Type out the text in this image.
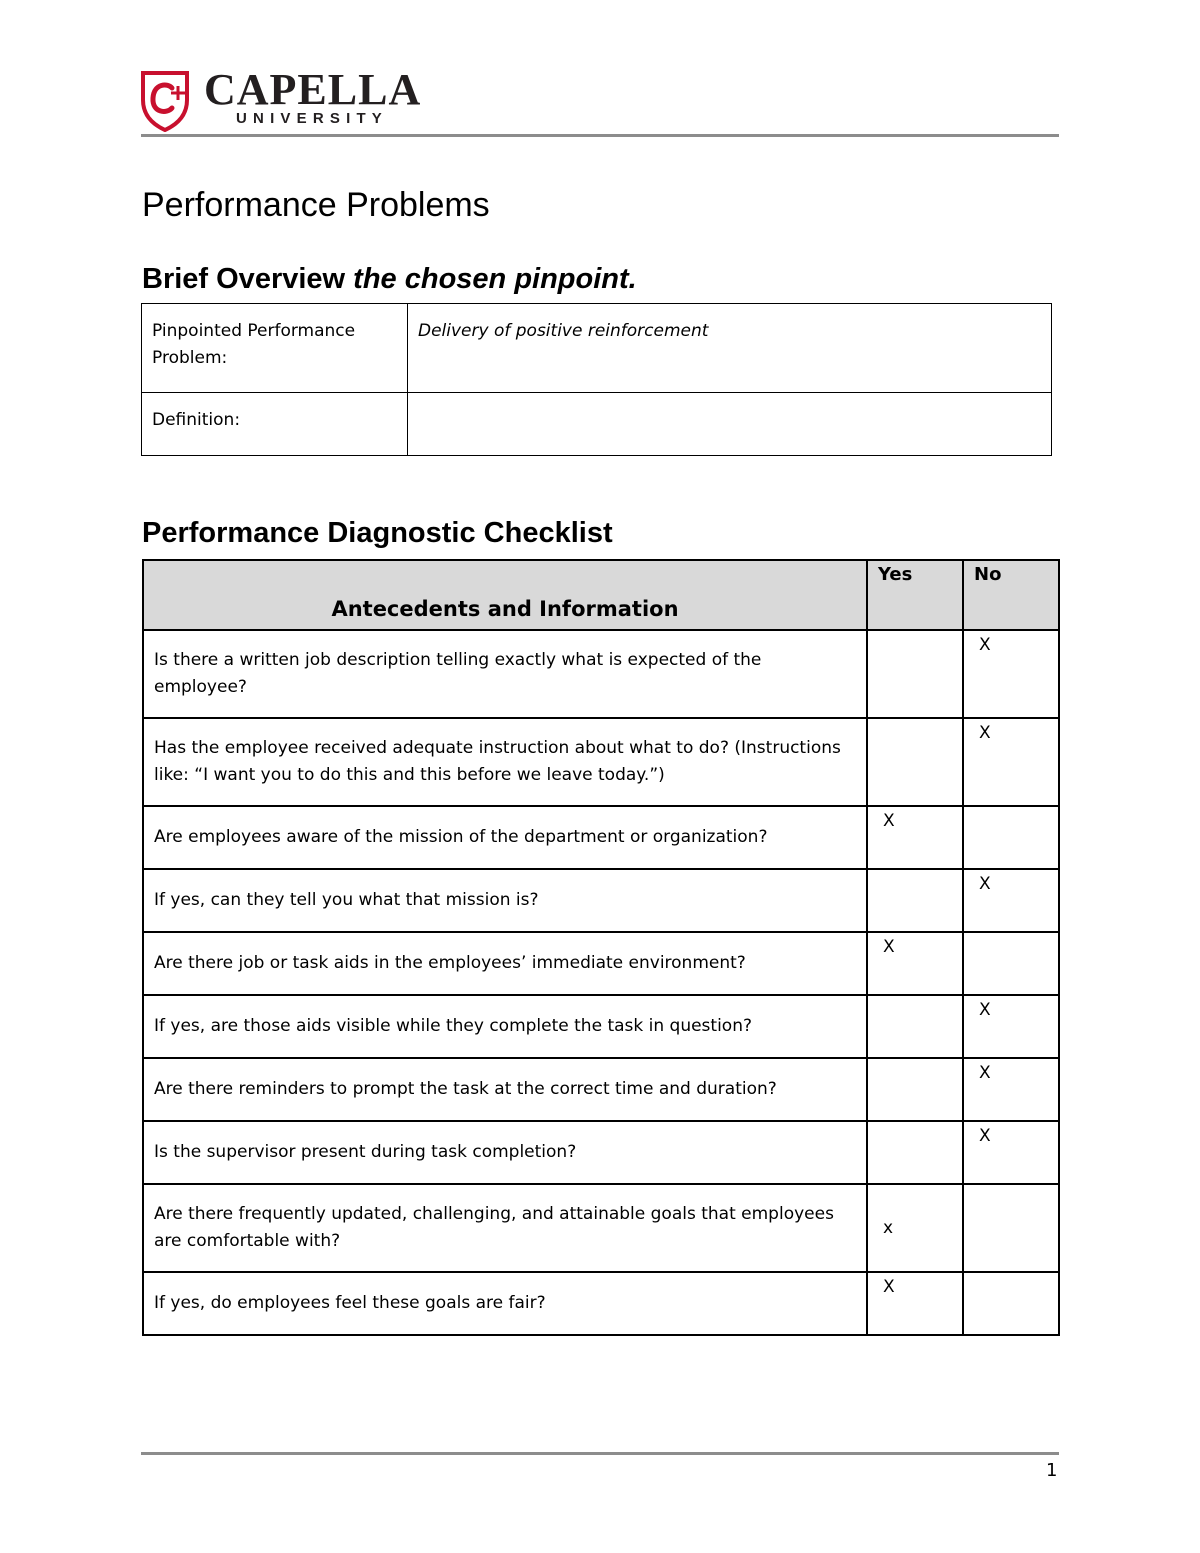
CAPELLA
UNIVERSITY
Performance Problems
Brief Overview the chosen pinpoint.
Pinpointed Performance Problem:	Delivery of positive reinforcement
Definition:	
Performance Diagnostic Checklist
Antecedents and Information	Yes	No
Is there a written job description telling exactly what is expected of the employee?		X
Has the employee received adequate instruction about what to do? (Instructions like: “I want you to do this and this before we leave today.”)		X
Are employees aware of the mission of the department or organization?	X	
If yes, can they tell you what that mission is?		X
Are there job or task aids in the employees’ immediate environment?	X	
If yes, are those aids visible while they complete the task in question?		X
Are there reminders to prompt the task at the correct time and duration?		X
Is the supervisor present during task completion?		X
Are there frequently updated, challenging, and attainable goals that employees are comfortable with?	x	
If yes, do employees feel these goals are fair?	X	
1
